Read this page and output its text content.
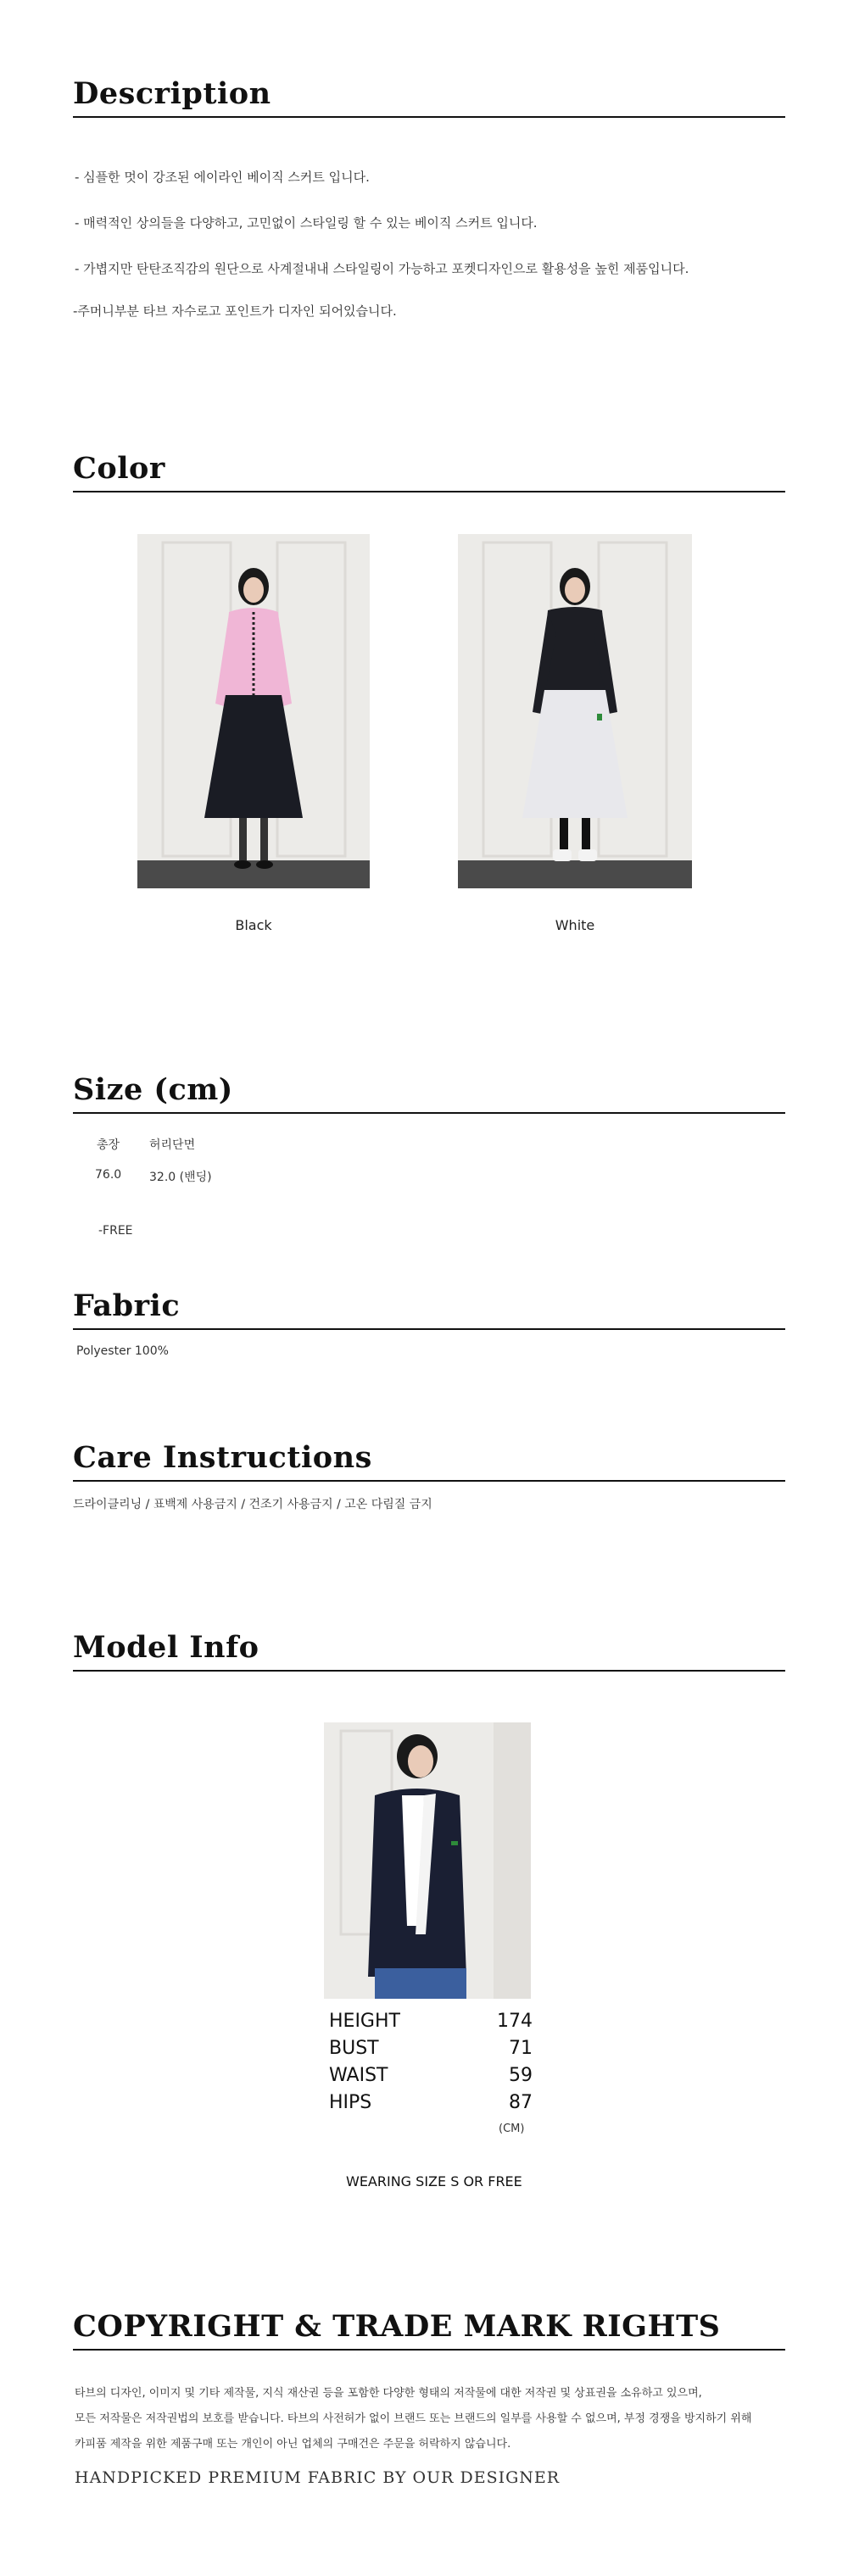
Description
- 심플한 멋이 강조된 에이라인 베이직 스커트 입니다.
- 매력적인 상의들을 다양하고, 고민없이 스타일링 할 수 있는 베이직 스커트 입니다.
- 가볍지만 탄탄조직감의 원단으로 사계절내내 스타일링이 가능하고 포켓디자인으로 활용성을 높힌 제품입니다.
-주머니부분 타브 자수로고 포인트가 디자인 되어있습니다.
Color
Black	White
Size (cm)
총장 허리단면
76.0 32.0 (밴딩)
-FREE
Fabric
Polyester 100%
Care Instructions
드라이클리닝 / 표백제 사용금지 / 건조기 사용금지 / 고온 다림질 금지
Model Info
HEIGHT	174
BUST	71
WAIST	59
HIPS	87
(CM)
WEARING SIZE S OR FREE
COPYRIGHT & TRADE MARK RIGHTS
타브의 디자인, 이미지 및 기타 제작물, 지식 재산권 등을 포함한 다양한 형태의 저작물에 대한 저작권 및 상표권을 소유하고 있으며,
모든 저작물은 저작권법의 보호를 받습니다. 타브의 사전허가 없이 브랜드 또는 브랜드의 일부를 사용할 수 없으며, 부정 경쟁을 방지하기 위해
카피품 제작을 위한 제품구매 또는 개인이 아닌 업체의 구매건은 주문을 허락하지 않습니다.
HANDPICKED PREMIUM FABRIC BY OUR DESIGNER
